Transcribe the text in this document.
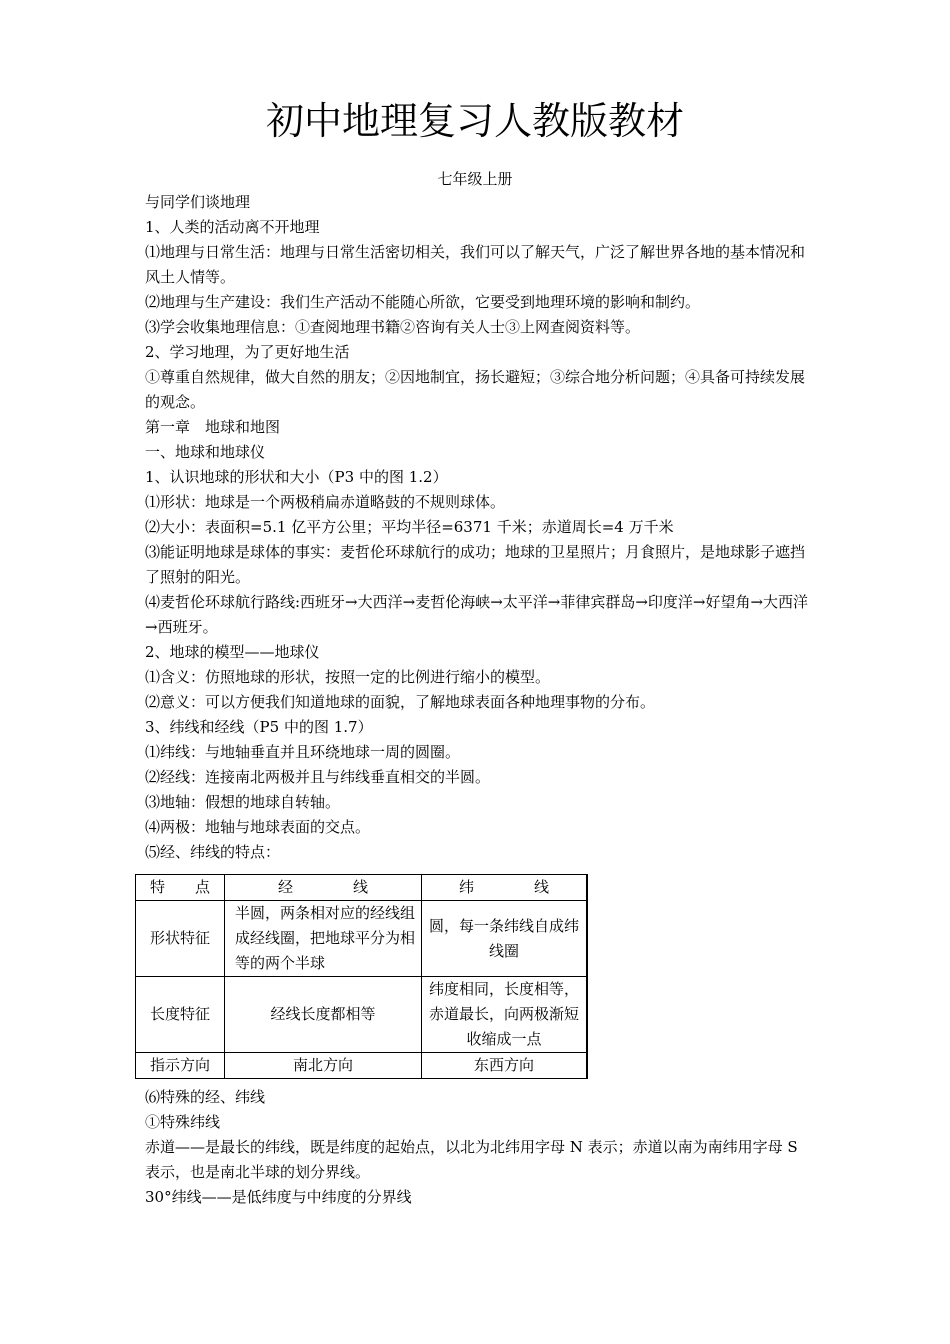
初中地理复习人教版教材
七年级上册

与同学们谈地理

1、人类的活动离不开地理

⑴地理与日常生活：地理与日常生活密切相关，我们可以了解天气，广泛了解世界各地的基本情况和风土人情等。

⑵地理与生产建设：我们生产活动不能随心所欲，它要受到地理环境的影响和制约。

⑶学会收集地理信息：①查阅地理书籍②咨询有关人士③上网查阅资料等。

2、学习地理，为了更好地生活

①尊重自然规律，做大自然的朋友；②因地制宜，扬长避短；③综合地分析问题；④具备可持续发展的观念。

第一章　地球和地图

一、地球和地球仪

1、认识地球的形状和大小（P3 中的图 1.2）

⑴形状：地球是一个两极稍扁赤道略鼓的不规则球体。

⑵大小：表面积=5.1 亿平方公里；平均半径=6371 千米；赤道周长=4 万千米

⑶能证明地球是球体的事实：麦哲伦环球航行的成功；地球的卫星照片；月食照片，是地球影子遮挡了照射的阳光。

⑷麦哲伦环球航行路线:西班牙→大西洋→麦哲伦海峡→太平洋→菲律宾群岛→印度洋→好望角→大西洋→西班牙。

2、地球的模型——地球仪

⑴含义：仿照地球的形状，按照一定的比例进行缩小的模型。

⑵意义：可以方便我们知道地球的面貌，了解地球表面各种地理事物的分布。

3、纬线和经线（P5 中的图 1.7）

⑴纬线：与地轴垂直并且环绕地球一周的圆圈。

⑵经线：连接南北两极并且与纬线垂直相交的半圆。

⑶地轴：假想的地球自转轴。

⑷两极：地轴与地球表面的交点。

⑸经、纬线的特点：

特　　点	经　　　　线	纬　　　　线
形状特征	半圆，两条相对应的经线组成经线圈，把地球平分为相等的两个半球	圆，每一条纬线自成纬线圈
长度特征	经线长度都相等	纬度相同，长度相等，赤道最长，向两极渐短收缩成一点
指示方向	南北方向	东西方向

⑹特殊的经、纬线

①特殊纬线

赤道——是最长的纬线，既是纬度的起始点，以北为北纬用字母 N 表示；赤道以南为南纬用字母 S 表示，也是南北半球的划分界线。

30°纬线——是低纬度与中纬度的分界线
